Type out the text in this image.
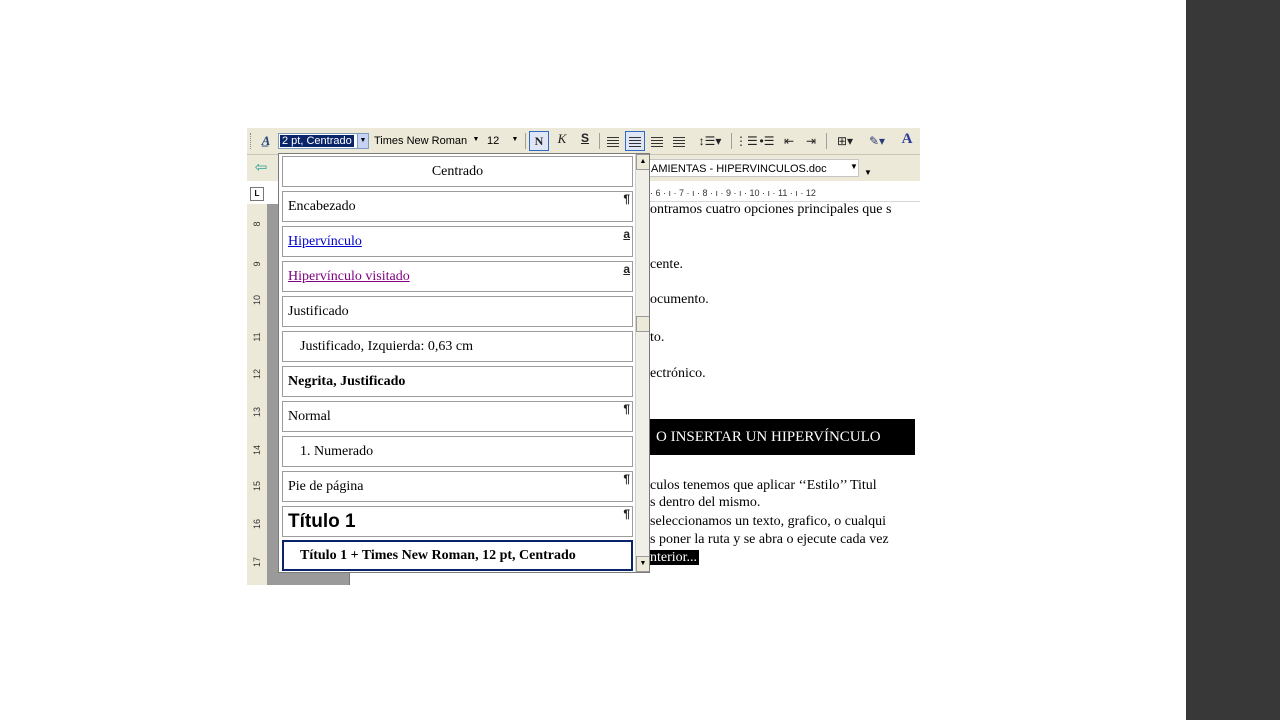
A̲	2 pt, Centrado	▼ Times New Roman ▼ 12	▼	N	K	S	↕☰▾	⋮☰ •☰ ⇤ ⇥	⊞▾	✎▾	A
⇦	AMIENTAS - HIPERVINCULOS.doc	▼
▼
L	· 6 · ı · 7 · ı · 8 · ı · 9 · ı · 10 · ı · 11 · ı · 12
8
9
10
11
12
13
14
15
16
17
ontramos cuatro opciones principales que s
cente.
ocumento.
to.
ectrónico.
O INSERTAR UN HIPERVÍNCULO
culos tenemos que aplicar ‘‘Estilo’’ Titul
s dentro del mismo.
seleccionamos un texto, grafico, o cualqui
s poner la ruta y se abra o ejecute cada vez
nterior...
Centrado
Encabezado	¶
Hipervínculo	a
Hipervínculo visitado	a
Justificado
Justificado, Izquierda: 0,63 cm
Negrita, Justificado
Normal	¶
1. Numerado
Pie de página	¶
Título 1	¶
Título 1 + Times New Roman, 12 pt, Centrado
▲
▼
